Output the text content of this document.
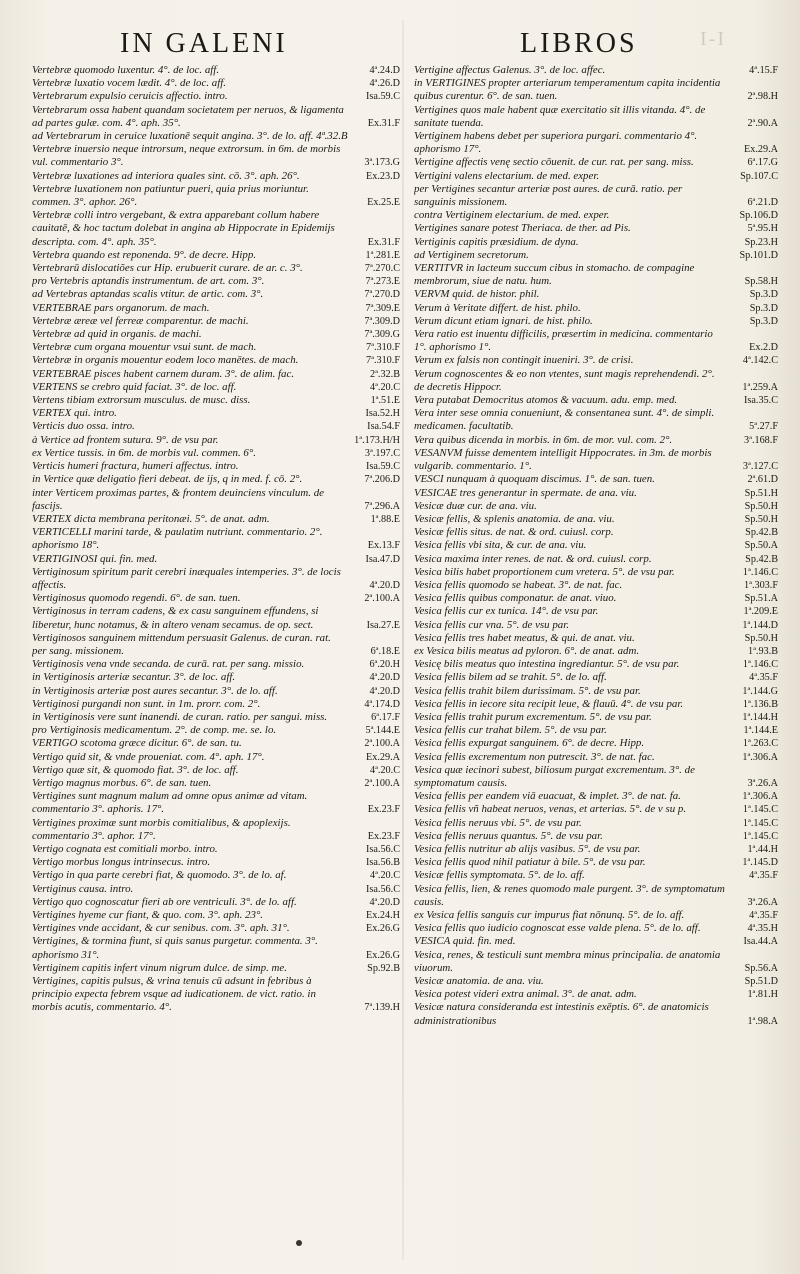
IN GALENI	LIBROS	I-I

Vertebræ quomodo luxentur. 4°. de loc. aff.	4ª.24.D

Vertebræ luxatio vocem lædit. 4°. de loc. aff.	4ª.26.D

Vertebrarum expulsio ceruicis affectio. intro.	Isa.59.C

Vertebrarum ossa habent quandam societatem per neruos, & ligamenta ad partes gulæ. com. 4°. aph. 35°.	Ex.31.F

ad Vertebrarum in ceruice luxationē sequit angina. 3°. de lo. aff. 4ª.32.B

Vertebræ inuersio neque introrsum, neque extrorsum. in 6m. de morbis vul. commentario 3°.	3ª.173.G

Vertebræ luxationes ad interiora quales sint. cō. 3°. aph. 26°.	Ex.23.D

Vertebræ luxationem non patiuntur pueri, quia prius moriuntur. commen. 3°. aphor. 26°.	Ex.25.E

Vertebræ colli intro vergebant, & extra apparebant collum habere cauitatē, & hoc tactum dolebat in angina ab Hippocrate in Epidemijs descripta. com. 4°. aph. 35°.	Ex.31.F

Vertebra quando est reponenda. 9°. de decre. Hipp.	1ª.281.E

Vertebrarū dislocatiões cur Hip. erubuerit curare. de ar. c. 3°.	7ª.270.C

pro Vertebris aptandis instrumentum. de art. com. 3°.	7ª.273.E

ad Vertebras aptandas scalis vtitur. de artic. com. 3°.	7ª.270.D

VERTEBRAE pars organorum. de mach.	7ª.309.E

Vertebræ æreæ vel ferreæ comparentur. de machi.	7ª.309.D

Vertebræ ad quid in organis. de machi.	7ª.309.G

Vertebræ cum organa mouentur vsui sunt. de mach.	7ª.310.F

Vertebræ in organis mouentur eodem loco manētes. de mach.	7ª.310.F

VERTEBRAE pisces habent carnem duram. 3°. de alim. fac.	2ª.32.B

VERTENS se crebro quid faciat. 3°. de loc. aff.	4ª.20.C

Vertens tibiam extrorsum musculus. de musc. diss.	1ª.51.E

VERTEX qui. intro.	Isa.52.H

Verticis duo ossa. intro.	Isa.54.F

à Vertice ad frontem sutura. 9°. de vsu par.	1ª.173.H/H

ex Vertice tussis. in 6m. de morbis vul. commen. 6°.	3ª.197.C

Verticis humeri fractura, humeri affectus. intro.	Isa.59.C

in Vertice quæ deligatio fieri debeat. de ijs, q in med. f. cō. 2°.	7ª.206.D

inter Verticem proximas partes, & frontem deuinciens vinculum. de fascijs.	7ª.296.A

VERTEX dicta membrana peritonæi. 5°. de anat. adm.	1ª.88.E

VERTICELLI marini tarde, & paulatim nutriunt. commentario. 2°. aphorismo 18°.	Ex.13.F

VERTIGINOSI qui. fin. med.	Isa.47.D

Vertiginosum spiritum parit cerebri inæquales intemperies. 3°. de locis affectis.	4ª.20.D

Vertiginosus quomodo regendi. 6°. de san. tuen.	2ª.100.A

Vertiginosus in terram cadens, & ex casu sanguinem effundens, si liberetur, hunc notamus, & in altero venam secamus. de op. sect.	Isa.27.E

Vertiginosos sanguinem mittendum persuasit Galenus. de curan. rat. per sang. missionem.	6ª.18.E

Vertiginosis vena vnde secanda. de curā. rat. per sang. missio.	6ª.20.H

in Vertiginosis arteriæ secantur. 3°. de loc. aff.	4ª.20.D

in Vertiginosis arteriæ post aures secantur. 3°. de lo. aff.	4ª.20.D

Vertiginosi purgandi non sunt. in 1m. prorr. com. 2°.	4ª.174.D

in Vertiginosis vere sunt inanendi. de curan. ratio. per sangui. miss.	6ª.17.F

pro Vertiginosis medicamentum. 2°. de comp. me. se. lo.	5ª.144.E

VERTIGO scotoma græce dicitur. 6°. de san. tu.	2ª.100.A

Vertigo quid sit, & vnde proueniat. com. 4°. aph. 17°.	Ex.29.A

Vertigo quæ sit, & quomodo fiat. 3°. de loc. aff.	4ª.20.C

Vertigo magnus morbus. 6°. de san. tuen.	2ª.100.A

Vertigines sunt magnum malum ad omne opus animæ ad vitam. commentario 3°. aphoris. 17°.	Ex.23.F

Vertigines proximæ sunt morbis comitialibus, & apoplexijs. commentario 3°. aphor. 17°.	Ex.23.F

Vertigo cognata est comitiali morbo. intro.	Isa.56.C

Vertigo morbus longus intrinsecus. intro.	Isa.56.B

Vertigo in qua parte cerebri fiat, & quomodo. 3°. de lo. af.	4ª.20.C

Vertiginus causa. intro.	Isa.56.C

Vertigo quo cognoscatur fieri ab ore ventriculi. 3°. de lo. aff.	4ª.20.D

Vertigines hyeme cur fiant, & quo. com. 3°. aph. 23°.	Ex.24.H

Vertigines vnde accidant, & cur senibus. com. 3°. aph. 31°.	Ex.26.G

Vertigines, & tormina fiunt, si quis sanus purgetur. commenta. 3°. aphorismo 31°.	Ex.26.G

Vertiginem capitis infert vinum nigrum dulce. de simp. me.	Sp.92.B

Vertigines, capitis pulsus, & vrina tenuis cū adsunt in febribus à principio expecta febrem vsque ad iudicationem. de vict. ratio. in morbis acutis, commentario. 4°.	7ª.139.H

Vertigine affectus Galenus. 3°. de loc. affec.	4ª.15.F

in VERTIGINES propter arteriarum temperamentum capita incidentia quibus curentur. 6°. de san. tuen.	2ª.98.H

Vertigines quos male habent quæ exercitatio sit illis vitanda. 4°. de sanitate tuenda.	2ª.90.A

Vertiginem habens debet per superiora purgari. commentario 4°. aphorismo 17°.	Ex.29.A

Vertigine affectis venę sectio cōuenit. de cur. rat. per sang. miss.	6ª.17.G

Vertigini valens electarium. de med. exper.	Sp.107.C

per Vertigines secantur arteriæ post aures. de curā. ratio. per sanguinis missionem.	6ª.21.D

contra Vertiginem electarium. de med. exper.	Sp.106.D

Vertigines sanare potest Theriaca. de ther. ad Pis.	5ª.95.H

Vertiginis capitis præsidium. de dyna.	Sp.23.H

ad Vertiginem secretorum.	Sp.101.D

VERTITVR in lacteum succum cibus in stomacho. de compagine membrorum, siue de natu. hum.	Sp.58.H

VERVM quid. de histor. phil.	Sp.3.D

Verum à Veritate differt. de hist. philo.	Sp.3.D

Verum dicunt etiam ignari. de hist. philo.	Sp.3.D

Vera ratio est inuentu difficilis, præsertim in medicina. commentario 1°. aphorismo 1°.	Ex.2.D

Verum ex falsis non contingit inueniri. 3°. de crisi.	4ª.142.C

Verum cognoscentes & eo non vtentes, sunt magis reprehendendi. 2°. de decretis Hippocr.	1ª.259.A

Vera putabat Democritus atomos & vacuum. adu. emp. med.	Isa.35.C

Vera inter sese omnia conueniunt, & consentanea sunt. 4°. de simpli. medicamen. facultatib.	5ª.27.F

Vera quibus dicenda in morbis. in 6m. de mor. vul. com. 2°.	3ª.168.F

VESANVM fuisse dementem intelligit Hippocrates. in 3m. de morbis vulgarib. commentario. 1°.	3ª.127.C

VESCI nunquam à quoquam discimus. 1°. de san. tuen.	2ª.61.D

VESICAE tres generantur in spermate. de ana. viu.	Sp.51.H

Vesicæ duæ cur. de ana. viu.	Sp.50.H

Vesicæ fellis, & splenis anatomia. de ana. viu.	Sp.50.H

Vesicæ fellis situs. de nat. & ord. cuiusl. corp.	Sp.42.B

Vesica fellis vbi sita, & cur. de ana. viu.	Sp.50.A

Vesica maxima inter renes. de nat. & ord. cuiusl. corp.	Sp.42.B

Vesica bilis habet proportionem cum vretera. 5°. de vsu par.	1ª.146.C

Vesica fellis quomodo se habeat. 3°. de nat. fac.	1ª.303.F

Vesica fellis quibus componatur. de anat. viuo.	Sp.51.A

Vesica fellis cur ex tunica. 14°. de vsu par.	1ª.209.E

Vesica fellis cur vna. 5°. de vsu par.	1ª.144.D

Vesica fellis tres habet meatus, & qui. de anat. viu.	Sp.50.H

ex Vesica bilis meatus ad pyloron. 6°. de anat. adm.	1ª.93.B

Vesicę bilis meatus quo intestina ingrediantur. 5°. de vsu par.	1ª.146.C

Vesica fellis bilem ad se trahit. 5°. de lo. aff.	4ª.35.F

Vesica fellis trahit bilem durissimam. 5°. de vsu par.	1ª.144.G

Vesica fellis in iecore sita recipit leue, & flauū. 4°. de vsu par.	1ª.136.B

Vesica fellis trahit purum excrementum. 5°. de vsu par.	1ª.144.H

Vesica fellis cur trahat bilem. 5°. de vsu par.	1ª.144.E

Vesica fellis expurgat sanguinem. 6°. de decre. Hipp.	1ª.263.C

Vesica fellis excrementum non putrescit. 3°. de nat. fac.	1ª.306.A

Vesica quæ iecinori subest, biliosum purgat excrementum. 3°. de symptomatum causis.	3ª.26.A

Vesica fellis per eandem viā euacuat, & implet. 3°. de nat. fa.	1ª.306.A

Vesica fellis vñ habeat neruos, venas, et arterias. 5°. de v su p.	1ª.145.C

Vesica fellis neruus vbi. 5°. de vsu par.	1ª.145.C

Vesica fellis neruus quantus. 5°. de vsu par.	1ª.145.C

Vesica fellis nutritur ab alijs vasibus. 5°. de vsu par.	1ª.44.H

Vesica fellis quod nihil patiatur à bile. 5°. de vsu par.	1ª.145.D

Vesicæ fellis symptomata. 5°. de lo. aff.	4ª.35.F

Vesica fellis, lien, & renes quomodo male purgent. 3°. de symptomatum causis.	3ª.26.A

ex Vesica fellis sanguis cur impurus fiat nōnunq. 5°. de lo. aff.	4ª.35.F

Vesica fellis quo iudicio cognoscat esse valde plena. 5°. de lo. aff.	4ª.35.H

VESICA quid. fin. med.	Isa.44.A

Vesica, renes, & testiculi sunt membra minus principalia. de anatomia viuorum.	Sp.56.A

Vesicæ anatomia. de ana. viu.	Sp.51.D

Vesica potest videri extra animal. 3°. de anat. adm.	1ª.81.H

Vesicæ natura consideranda est intestinis exēptis. 6°. de anatomicis administrationibus	1ª.98.A
